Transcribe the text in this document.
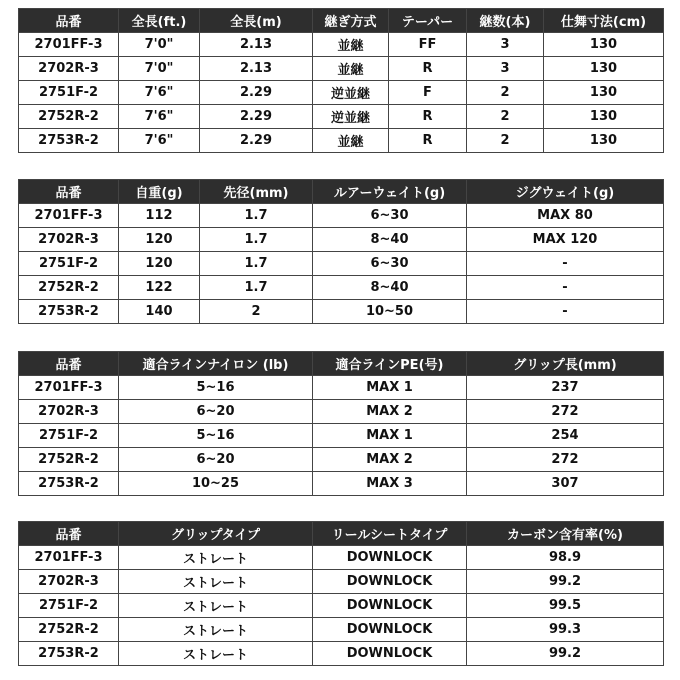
品番	全長(ft.)	全長(m)	継ぎ方式	テーパー	継数(本)	仕舞寸法(cm)
2701FF-3	7'0"	2.13	並継	FF	3	130
2702R-3	7'0"	2.13	並継	R	3	130
2751F-2	7'6"	2.29	逆並継	F	2	130
2752R-2	7'6"	2.29	逆並継	R	2	130
2753R-2	7'6"	2.29	並継	R	2	130
品番	自重(g)	先径(mm)	ルアーウェイト(g)	ジグウェイト(g)
2701FF-3	112	1.7	6~30	MAX 80
2702R-3	120	1.7	8~40	MAX 120
2751F-2	120	1.7	6~30	-
2752R-2	122	1.7	8~40	-
2753R-2	140	2	10~50	-
品番	適合ラインナイロン (lb)	適合ラインPE(号)	グリップ長(mm)
2701FF-3	5~16	MAX 1	237
2702R-3	6~20	MAX 2	272
2751F-2	5~16	MAX 1	254
2752R-2	6~20	MAX 2	272
2753R-2	10~25	MAX 3	307
品番	グリップタイプ	リールシートタイプ	カーボン含有率(%)
2701FF-3	ストレート	DOWNLOCK	98.9
2702R-3	ストレート	DOWNLOCK	99.2
2751F-2	ストレート	DOWNLOCK	99.5
2752R-2	ストレート	DOWNLOCK	99.3
2753R-2	ストレート	DOWNLOCK	99.2
